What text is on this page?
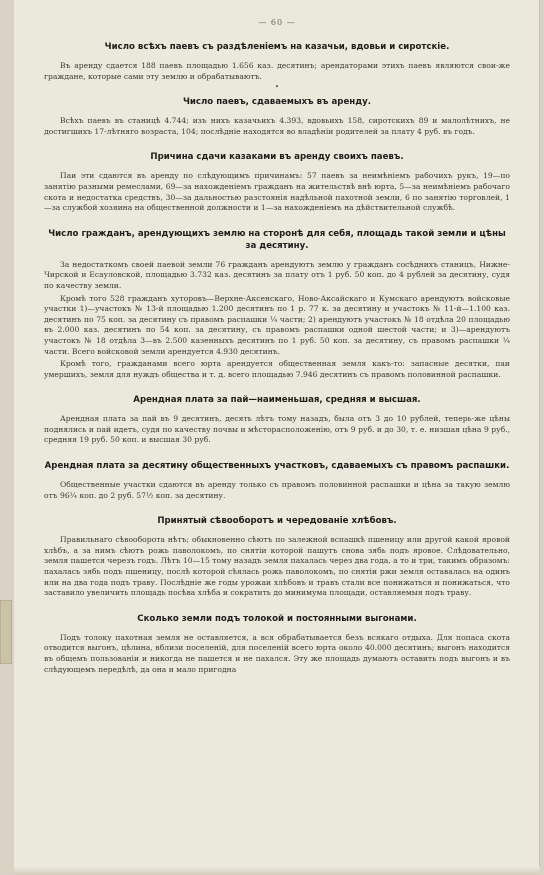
— 60 —
Число всѣхъ паевъ съ раздѣленiемъ на казачьи, вдовьи и сиротскiе.

Въ аренду сдается 188 паевъ площадью 1.656 каз. десятинъ; арендаторами этихъ паевъ являются свои-же граждане, которые сами эту землю и обрабатываютъ.

•
Число паевъ, сдаваемыхъ въ аренду.

Всѣхъ паевъ въ станицѣ 4.744; изъ нихъ казачьихъ 4.393, вдовьихъ 158, сиротскихъ 89 и малолѣтнихъ, не достигшихъ 17-лѣтняго возраста, 104; послѣднiе находятся во владѣнiи родителей за плату 4 руб. въ годъ.

Причина сдачи казаками въ аренду своихъ паевъ.

Паи эти сдаются въ аренду по слѣдующимъ причинамъ: 57 паевъ за неимѣнiемъ рабочихъ рукъ, 19—по занятiю разными ремеслами, 69—за нахожденiемъ гражданъ на жительствѣ внѣ юрта, 5—за неимѣнiемъ рабочаго скота и недостатка средствъ, 30—за дальностью разстоянiя надѣльной пахотной земли, 6 по занятiю торговлей, 1—за службой хозяина на общественной должности и 1—за нахожденiемъ на дѣйствительной службѣ.

Число гражданъ, арендующихъ землю на сторонѣ для себя, площадь такой земли и цѣны за десятину.

За недостаткомъ своей паевой земли 76 гражданъ арендуютъ землю у гражданъ сосѣднихъ станицъ, Нижне-Чирской и Есауловской, площадью 3.732 каз. десятинъ за плату отъ 1 руб. 50 коп. до 4 рублей за десятину, судя по качеству земли.

Кромѣ того 528 гражданъ хуторовъ—Верхне-Аксенскаго, Ново-Аксайскаго и Кумскаго арендуютъ войсковые участки 1)—участокъ № 13-й площадью 1.200 десятинъ по 1 р. 77 к. за десятину и участокъ № 11-й—1.100 каз. десятинъ по 75 коп. за десятину съ правомъ распашки ¼ части; 2) арендуютъ участокъ № 18 отдѣла 20 площадью въ 2.000 каз. десятинъ по 54 коп. за десятину, съ правомъ распашки одной шестой части; и 3)—арендуютъ участокъ № 18 отдѣла 3—въ 2.500 казенныхъ десятинъ по 1 руб. 50 коп. за десятину, съ правомъ распашки ¼ части. Всего войсковой земли арендуется 4.930 десятинъ.

Кромѣ того, гражданами всего юрта арендуется общественная земля какъ-то: запасные десятки, паи умершихъ, земля для нуждъ общества и т. д. всего площадью 7.946 десятинъ съ правомъ половинной распашки.

Арендная плата за пай—наименьшая, средняя и высшая.

Арендная плата за пай въ 9 десятинъ, десять лѣтъ тому назадъ, была отъ 3 до 10 рублей, теперь-же цѣны поднялись и пай идетъ, судя по качеству почвы и мѣсторасположенiю, отъ 9 руб. и до 30, т. е. низшая цѣна 9 руб., средняя 19 руб. 50 коп. и высшая 30 руб.

Арендная плата за десятину общественныхъ участковъ, сдаваемыхъ съ правомъ распашки.

Общественные участки сдаются въ аренду только съ правомъ половинной распашки и цѣна за такую землю отъ 96¼ коп. до 2 руб. 57½ коп. за десятину.

Принятый сѣвооборотъ и чередованiе хлѣбовъ.

Правильнаго сѣвооборота нѣтъ; обыкновенно сѣютъ по залежной вспашкѣ пшеницу или другой какой яровой хлѣбъ, а за нимъ сѣютъ рожь паволокомъ, по снятiи которой пашутъ снова зябь подъ яровое. Слѣдовательно, земля пашется черезъ годъ. Лѣтъ 10—15 тому назадъ земля пахалась через два года, а то и три, такимъ образомъ: пахалась зябь подъ пшеницу, послѣ которой сѣялась рожь паволокомъ, по снятiи ржи земля оставалась на одинъ или на два года подъ траву. Послѣднiе же годы урожаи хлѣбовъ и травъ стали все понижаться и понижаться, что заставило увеличить площадь посѣва хлѣба и сократить до минимума площади, оставляемыя подъ траву.

Сколько земли подъ толокой и постоянными выгонами.

Подъ толоку пахотная земля не оставляется, а вся обрабатывается безъ всякаго отдыха. Для попаса скота отводится выгонъ, цѣлина, вблизи поселенiй, для поселенiй всего юрта около 40.000 десятинъ; выгонъ находится въ общемъ пользованiи и никогда не пашется и не пахался. Эту же площадь думаютъ оставить подъ выгонъ и въ слѣдующемъ передѣлѣ, да она и мало пригодна
